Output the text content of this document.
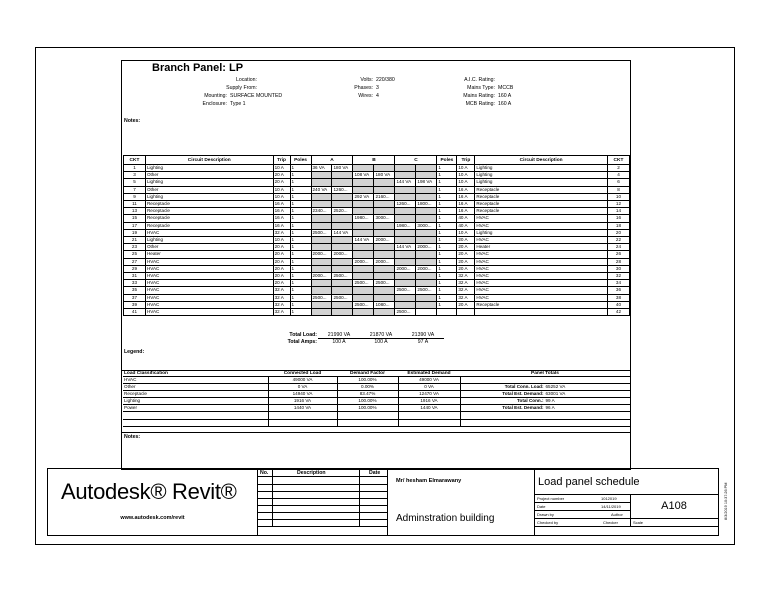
Branch Panel: LP
Location:
Supply From:
Mounting: SURFACE MOUNTED
Enclosure: Type 1
Volts: 220/380
Phases: 3
Wires: 4
A.I.C. Rating:
Mains Type: MCCB
Mains Rating: 160 A
MCB Rating: 160 A
Notes:
CKT	Circuit Description	Trip	Poles	A		B		C		Poles	Trip	Circuit Description	CKT
1	Lighting	10 A	1	36 VA	180 VA					1	10 A	Lighting	2
3	Other	20 A	1			108 VA	180 VA			1	10 A	Lighting	4
5	Lighting	20 A	1					144 VA	198 VA	1	10 A	Lighting	6
7	Other	10 A	1	240 VA	1260...					1	16 A	Receptacle	8
9	Lighting	10 A	1			292 VA	2160...			1	16 A	Receptacle	10
11	Receptacle	16 A	1					1260...	1800...	1	16 A	Receptacle	12
13	Receptacle	16 A	1	2340...	2520...					1	16 A	Receptacle	14
15	Receptacle	16 A	1			1980...	3000...			1	40 A	HVAC	16
17	Receptacle	16 A	1					1980...	3000...	1	40 A	HVAC	18
19	HVAC	32 A	1	2500...	144 VA					1	10 A	Lighting	20
21	Lighting	10 A	1			144 VA	2000...			1	20 A	HVAC	22
23	Other	20 A	1					144 VA	2000...	1	20 A	Heater	24
25	Heater	20 A	1	2000...	2000...					1	20 A	HVAC	26
27	HVAC	20 A	1			2000...	2000...			1	20 A	HVAC	28
29	HVAC	20 A	1					2000...	2000...	1	20 A	HVAC	30
31	HVAC	20 A	1	2000...	2500...					1	32 A	HVAC	32
33	HVAC	20 A	1			2500...	2500...			1	32 A	HVAC	34
35	HVAC	32 A	1					2500...	2500...	1	32 A	HVAC	36
37	HVAC	32 A	1	2500...	2500...					1	32 A	HVAC	38
39	HVAC	32 A	1			2500...	1080...			1	20 A	Receptacle	40
41	HVAC	32 A	1					2500...					42
Total Load:	21990 VA	21870 VA	21390 VA
Total Amps:	100 A	100 A	97 A
Legend:
Load Classification	Connected Load	Demand Factor	Estimated Demand	Panel Totals
HVAC	49000 VA	100.00%	49000 VA	
Other	0 VA	0.00%	0 VA	Total Conn. Load: 65252 VA
Receptacle	14940 VA	83.47%	12470 VA	Total Est. Demand: 63001 VA
Lighting	1916 VA	100.00%	1916 VA	Total Conn.: 99 A
Power	1440 VA	100.00%	1440 VA	Total Est. Demand: 96 A

Notes:
Autodesk® Revit®
www.autodesk.com/revit
No.	Description	Date
Mr/ hesham Elmarawany
Adminstration building
Load panel schedule
Project number	1012019
Date	14/11/2019
Drawn by	Author
Checked by	Checker
A108
Scale
8/3/2019 10:37:26 PM
